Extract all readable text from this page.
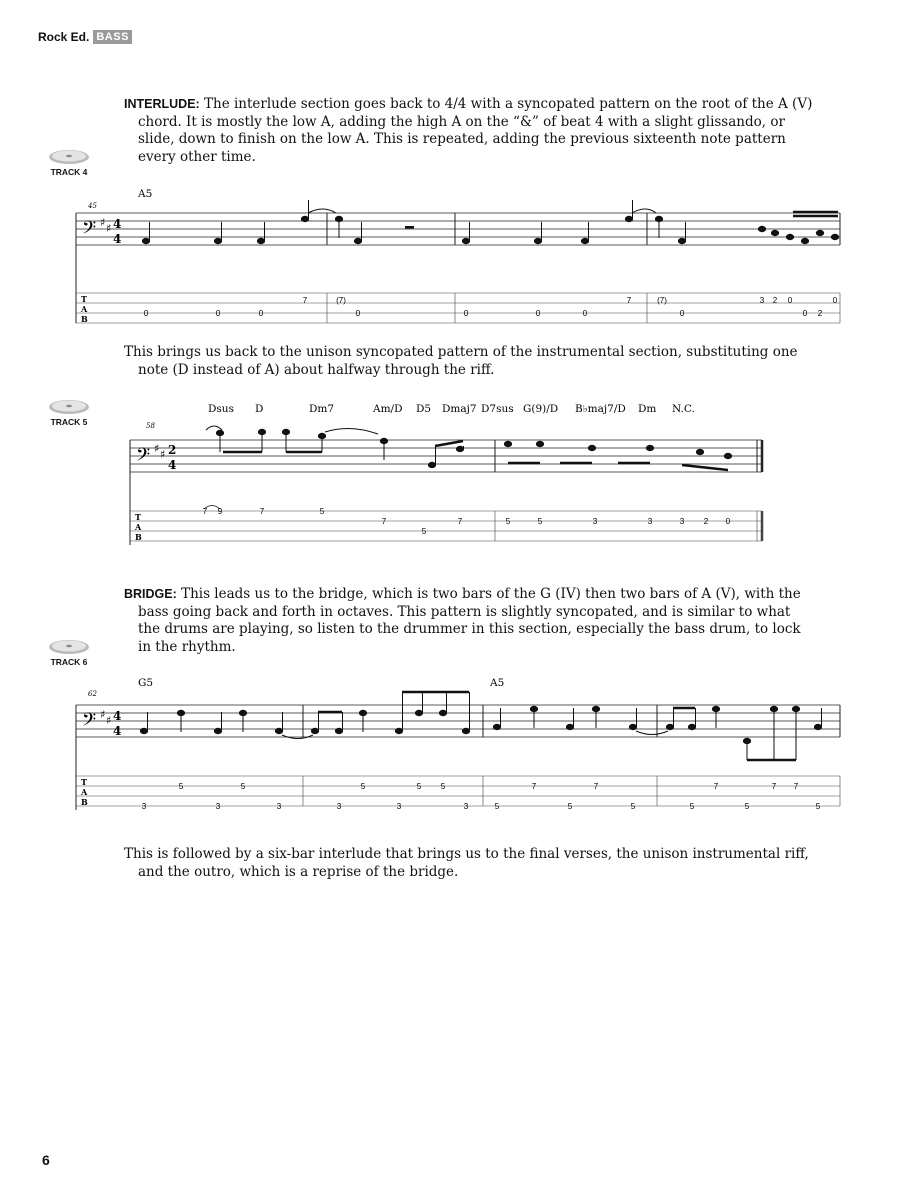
Rock Ed. BASS

INTERLUDE: The interlude section goes back to 4/4 with a syncopated pattern on the root of the A (V) chord. It is mostly the low A, adding the high A on the “&” of beat 4 with a slight glissando, or slide, down to finish on the low A. This is repeated, adding the previous sixteenth note pattern every other time.

TRACK 4
TRACK 5
TRACK 6
A5
45
𝄢 ♯ ♯ 4
4
T
A
B
0	0	0
7	(7)
0	0	0	0
7	(7)
0
3 2 0
0 2
0

This brings us back to the unison syncopated pattern of the instrumental section, substituting one note (D instead of A) about halfway through the riff.

Dsus D	Dm7	Am/D D5 Dmaj7 D7sus G(9)/D B♭maj7/D Dm N.C.
58
𝄢 ♯ ♯ 2
4
T
A
B
7 9	7	5
7
5
7	5	5	3	3	3 2 0

BRIDGE: This leads us to the bridge, which is two bars of the G (IV) then two bars of A (V), with the bass going back and forth in octaves. This pattern is slightly syncopated, and is similar to what the drums are playing, so listen to the drummer in this section, especially the bass drum, to lock in the rhythm.

G5	A5
62
𝄢 ♯ ♯ 4
4
T
A
B
5	5	5	5 5	7	7	7	7 7
3	3	3	3	3	3	5	5	5	5	5	5

This is followed by a six-bar interlude that brings us to the final verses, the unison instrumental riff, and the outro, which is a reprise of the bridge.

6
